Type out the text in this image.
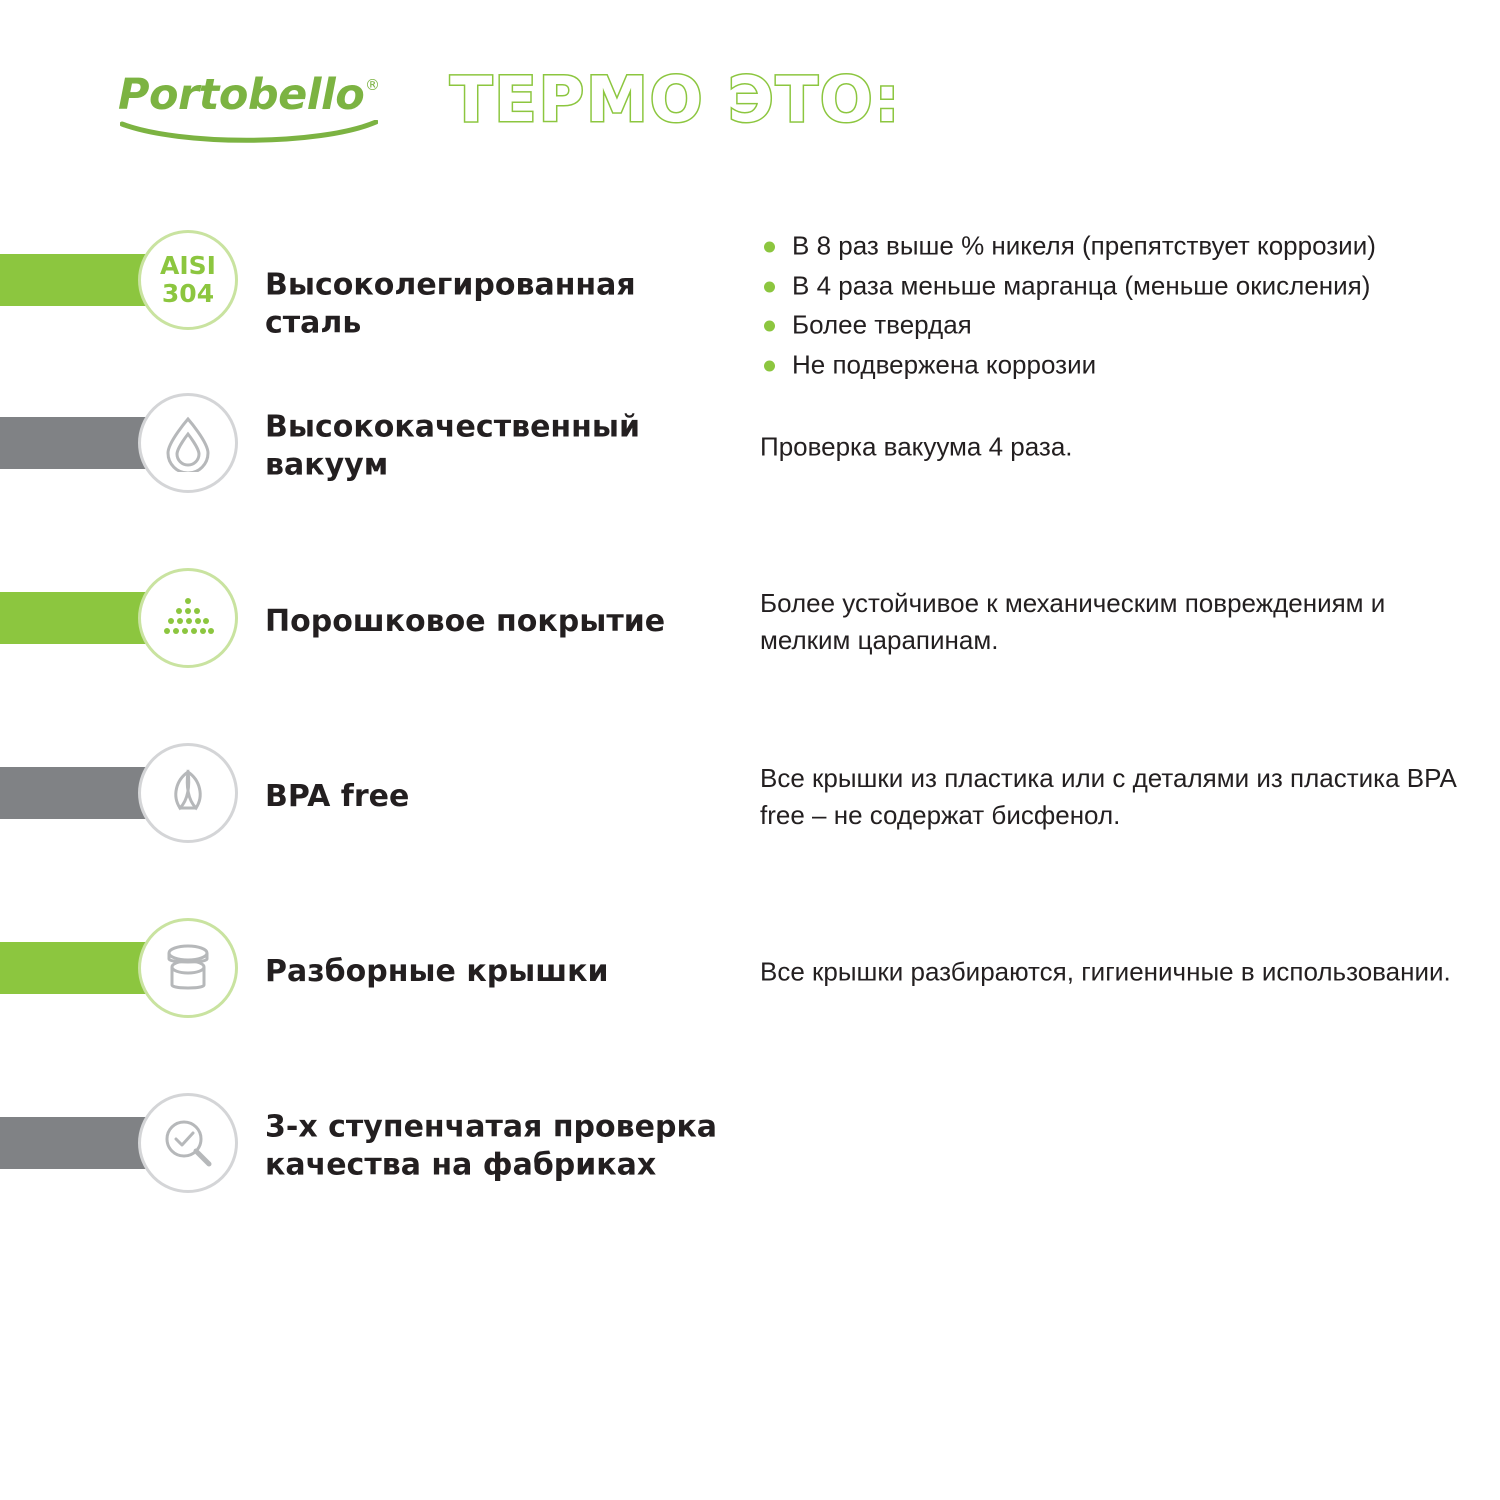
Portobello ® ТЕРМО ЭТО:
AISI
304 Высоколегированная сталь
В 8 раз выше % никеля (препятствует коррозии)
В 4 раза меньше марганца (меньше окисления)
Более твердая
Не подвержена коррозии
Высококачественный вакуум
Проверка вакуума 4 раза.
Порошковое покрытие
Более устойчивое к механическим повреждениям и мелким царапинам.
BPA free
Все крышки из пластика или с деталями из пластика BPA free – не содержат бисфенол.
Разборные крышки	Все крышки разбираются, гигиеничные в использовании.
3-х ступенчатая проверка качества на фабриках
